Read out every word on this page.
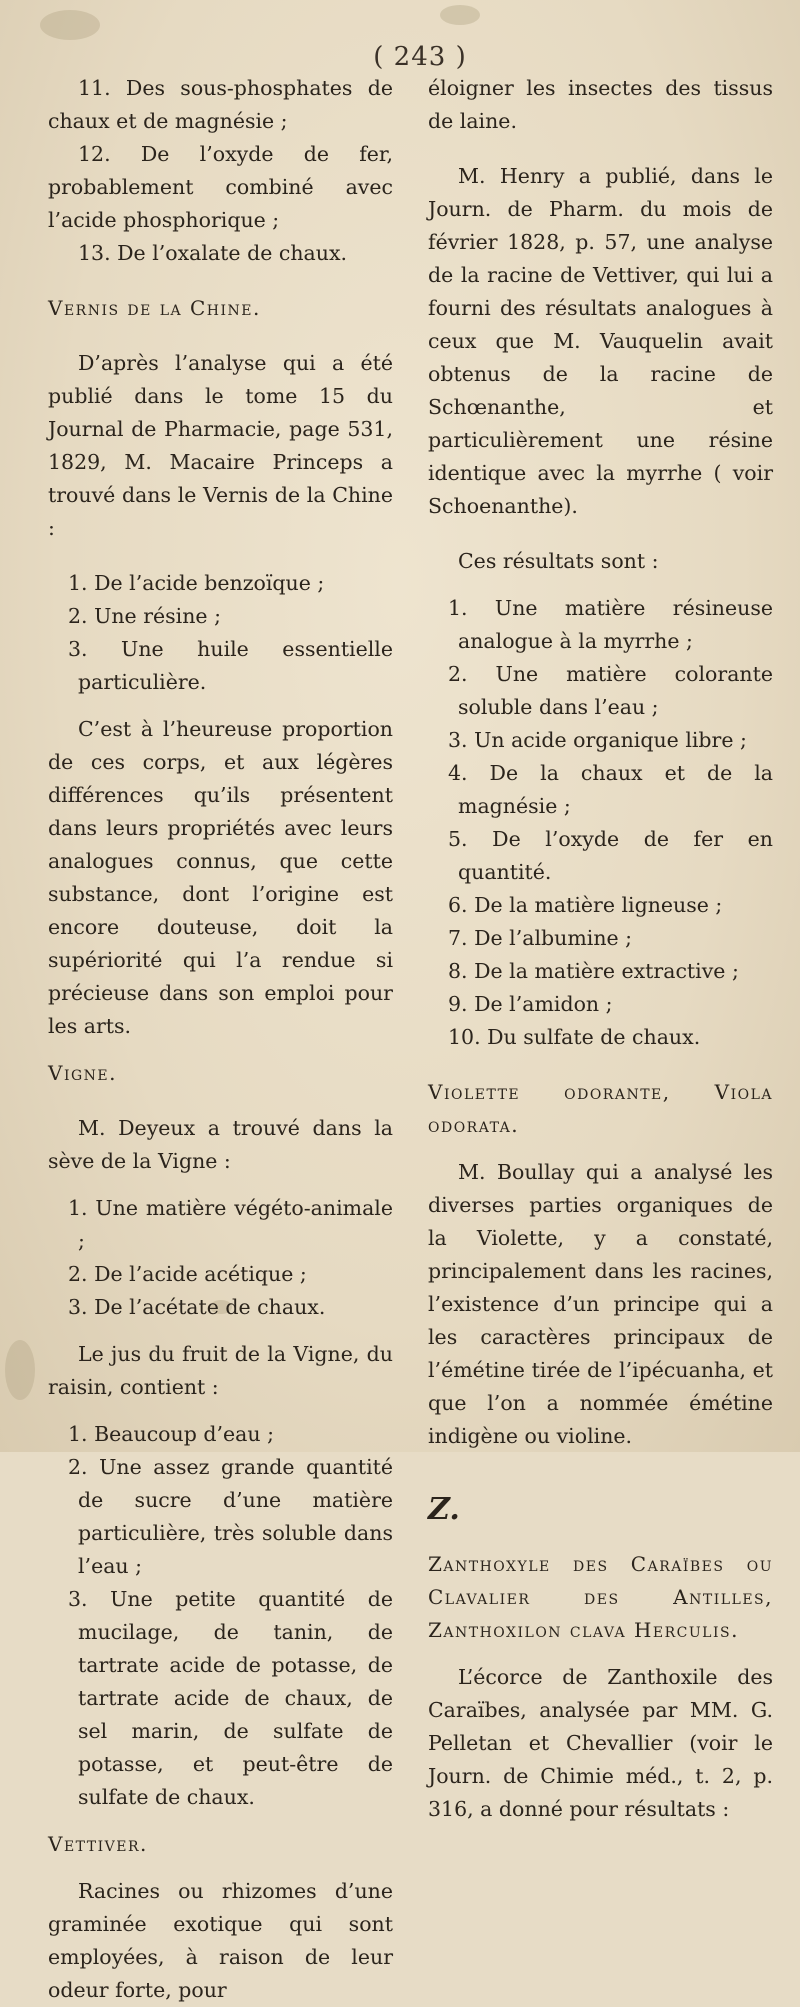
( 243 )

11. Des sous-phosphates de chaux et de magnésie ;

12. De l’oxyde de fer, probablement combiné avec l’acide phosphorique ;

13. De l’oxalate de chaux.

Vernis de la Chine.

D’après l’analyse qui a été publié dans le tome 15 du Journal de Pharmacie, page 531, 1829, M. Macaire Princeps a trouvé dans le Vernis de la Chine :

1. De l’acide benzoïque ;

2. Une résine ;

3. Une huile essentielle particulière.

C’est à l’heureuse proportion de ces corps, et aux légères différences qu’ils présentent dans leurs propriétés avec leurs analogues connus, que cette substance, dont l’origine est encore douteuse, doit la supériorité qui l’a rendue si précieuse dans son emploi pour les arts.

Vigne.

M. Deyeux a trouvé dans la sève de la Vigne :

1. Une matière végéto-animale ;

2. De l’acide acétique ;

3. De l’acétate de chaux.

Le jus du fruit de la Vigne, du raisin, contient :

1. Beaucoup d’eau ;

2. Une assez grande quantité de sucre d’une matière particulière, très soluble dans l’eau ;

3. Une petite quantité de mucilage, de tanin, de tartrate acide de potasse, de tartrate acide de chaux, de sel marin, de sulfate de potasse, et peut-être de sulfate de chaux.

Vettiver.

Racines ou rhizomes d’une graminée exotique qui sont employées, à raison de leur odeur forte, pour

éloigner les insectes des tissus de laine.

M. Henry a publié, dans le Journ. de Pharm. du mois de février 1828, p. 57, une analyse de la racine de Vettiver, qui lui a fourni des résultats analogues à ceux que M. Vauquelin avait obtenus de la racine de Schœnanthe, et particulièrement une résine identique avec la myrrhe ( voir Schoenanthe).

Ces résultats sont :

1. Une matière résineuse analogue à la myrrhe ;

2. Une matière colorante soluble dans l’eau ;

3. Un acide organique libre ;

4. De la chaux et de la magnésie ;

5. De l’oxyde de fer en quantité.

6. De la matière ligneuse ;

7. De l’albumine ;

8. De la matière extractive ;

9. De l’amidon ;

10. Du sulfate de chaux.

Violette odorante, Viola odorata.

M. Boullay qui a analysé les diverses parties organiques de la Violette, y a constaté, principalement dans les racines, l’existence d’un principe qui a les caractères principaux de l’émétine tirée de l’ipécuanha, et que l’on a nommée émétine indigène ou violine.

Z.

Zanthoxyle des Caraïbes ou Clavalier des Antilles, Zanthoxilon clava Herculis.

L’écorce de Zanthoxile des Caraïbes, analysée par MM. G. Pelletan et Chevallier (voir le Journ. de Chimie méd., t. 2, p. 316, a donné pour résultats :
